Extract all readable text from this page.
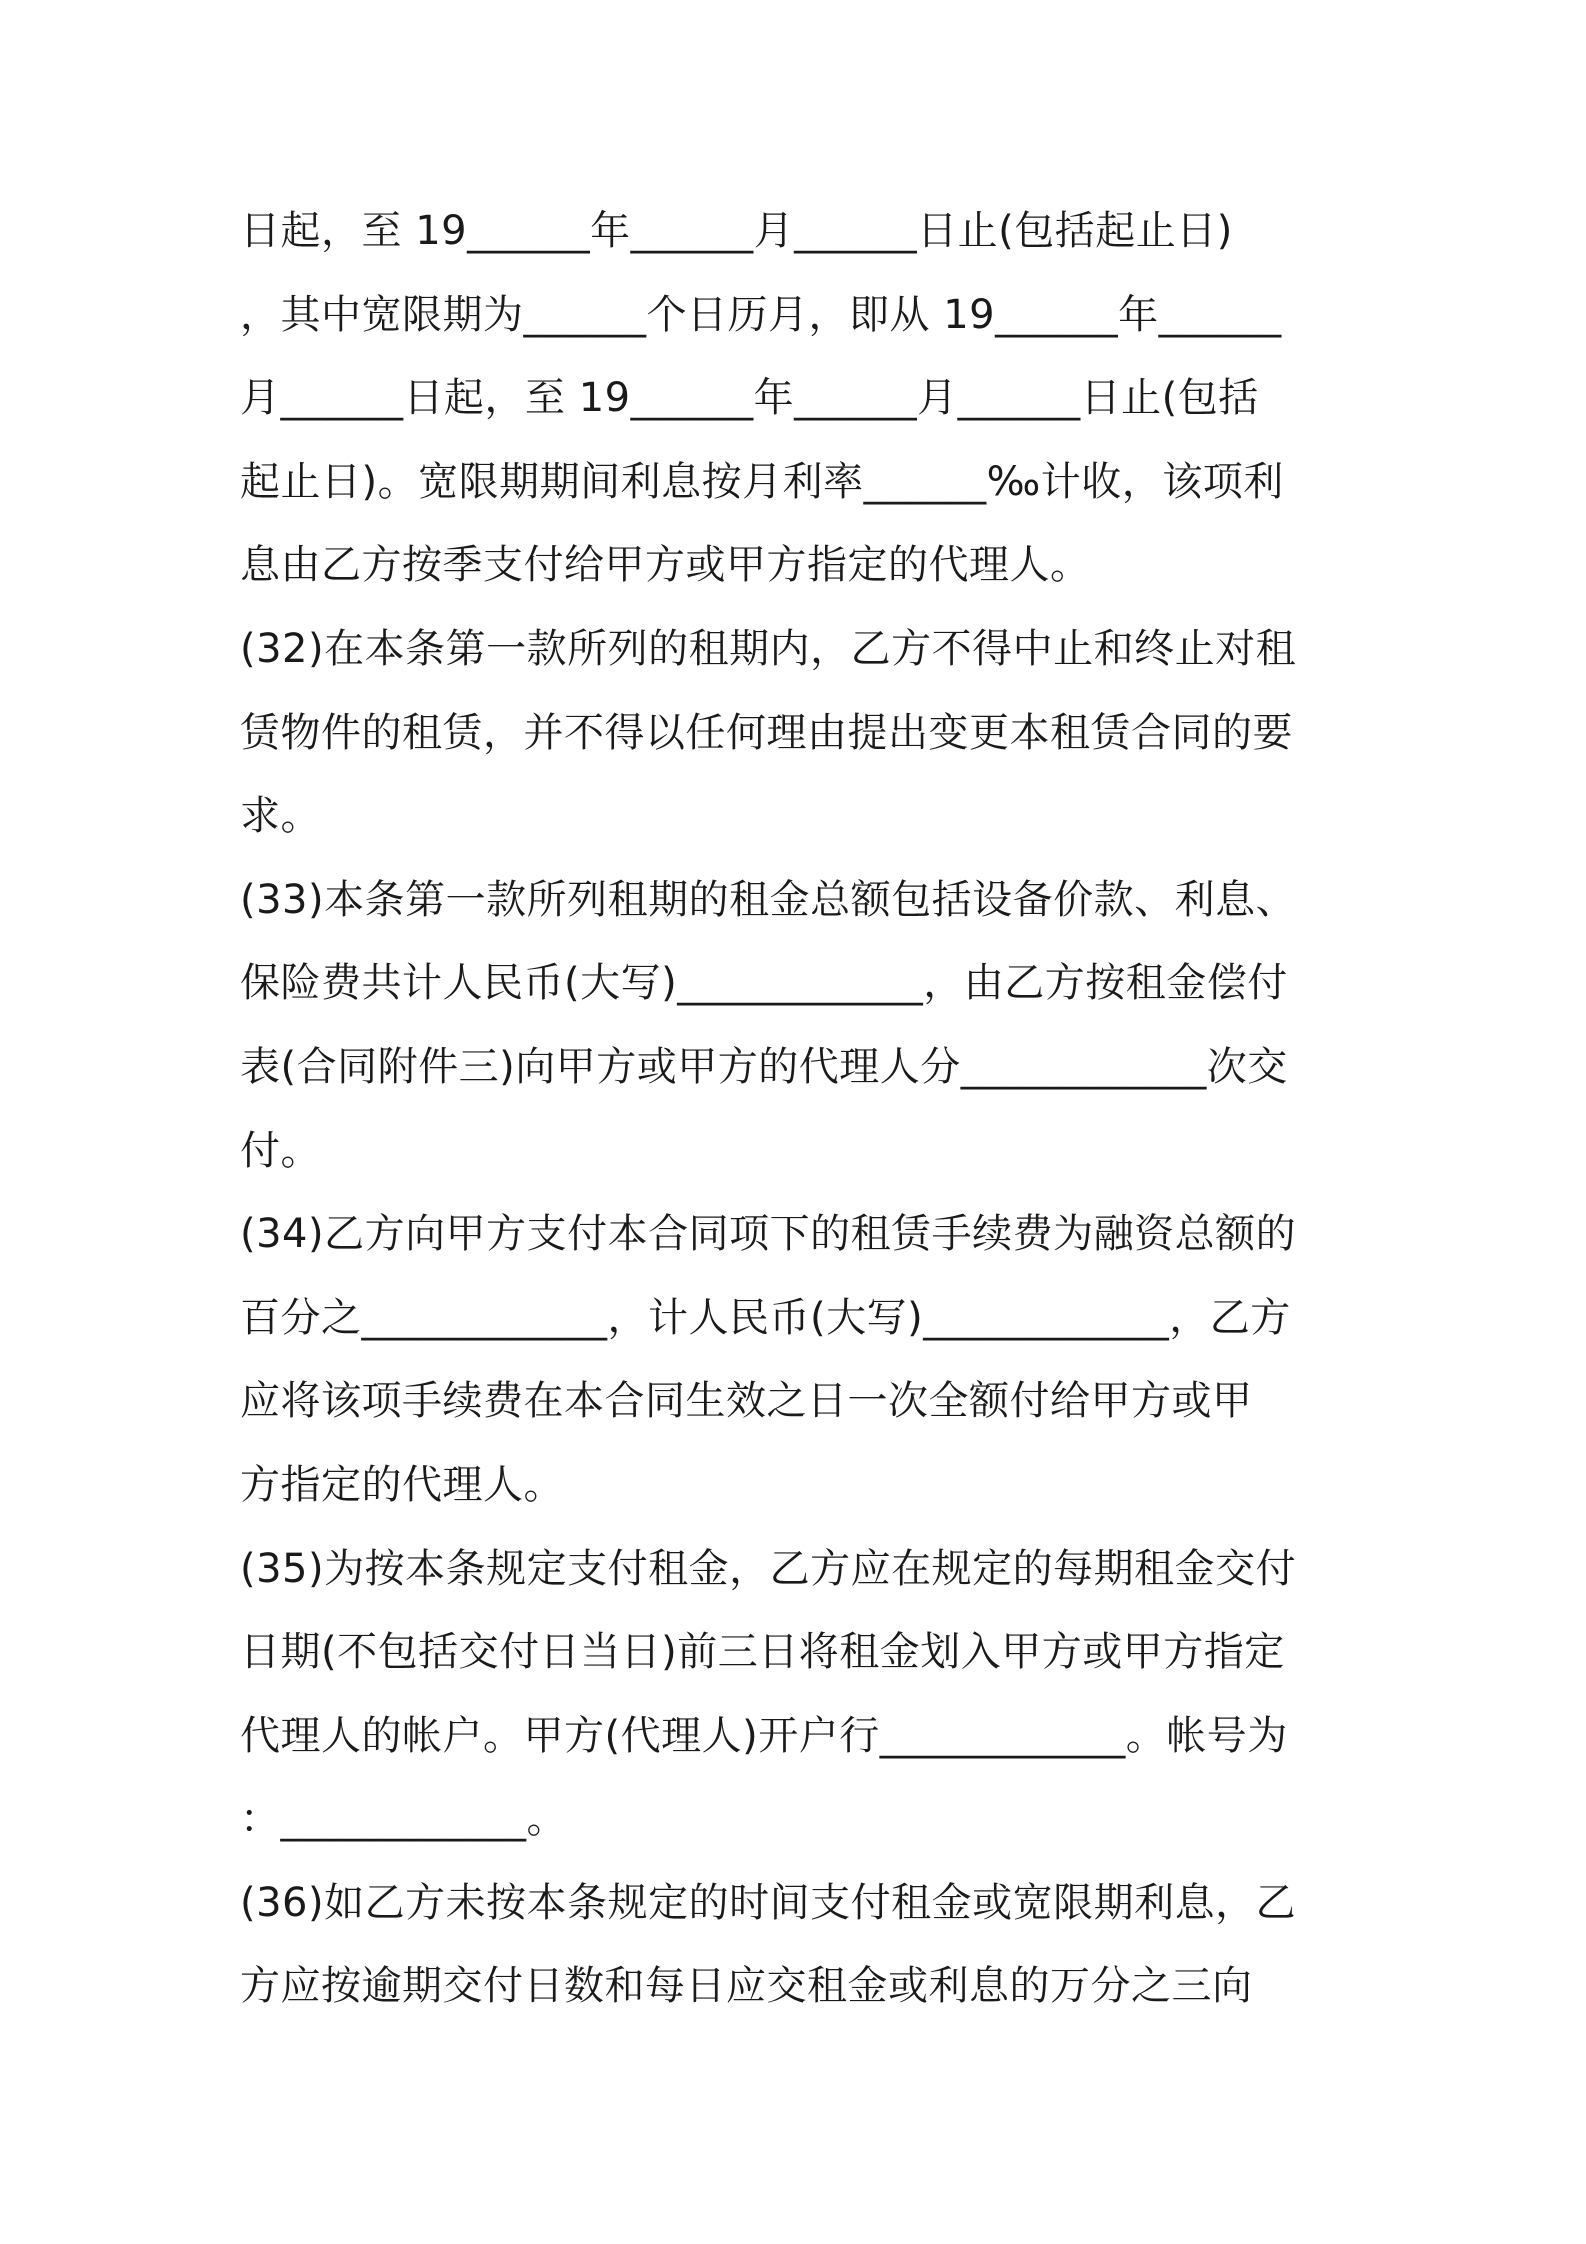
日起，至 19______年______月______日止(包括起止日)
，其中宽限期为______个日历月，即从 19______年______
月______日起，至 19______年______月______日止(包括
起止日)。宽限期期间利息按月利率______‰计收，该项利
息由乙方按季支付给甲方或甲方指定的代理人。
(32)在本条第一款所列的租期内，乙方不得中止和终止对租
赁物件的租赁，并不得以任何理由提出变更本租赁合同的要
求。
(33)本条第一款所列租期的租金总额包括设备价款、利息、
保险费共计人民币(大写)____________，由乙方按租金偿付
表(合同附件三)向甲方或甲方的代理人分____________次交
付。
(34)乙方向甲方支付本合同项下的租赁手续费为融资总额的
百分之____________，计人民币(大写)____________，乙方
应将该项手续费在本合同生效之日一次全额付给甲方或甲
方指定的代理人。
(35)为按本条规定支付租金，乙方应在规定的每期租金交付
日期(不包括交付日当日)前三日将租金划入甲方或甲方指定
代理人的帐户。甲方(代理人)开户行____________。帐号为
：____________。
(36)如乙方未按本条规定的时间支付租金或宽限期利息，乙
方应按逾期交付日数和每日应交租金或利息的万分之三向
